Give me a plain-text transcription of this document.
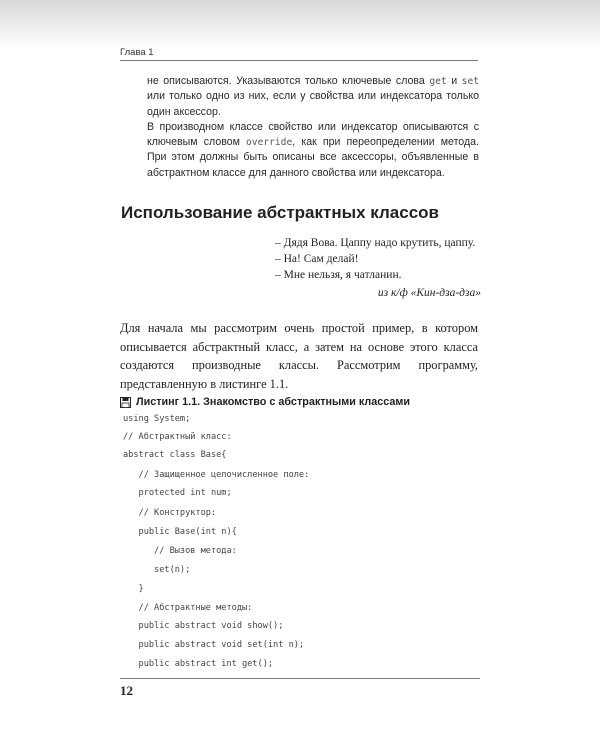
Глава 1

не описываются. Указываются только ключевые слова get и set или только одно из них, если у свойства или индексатора только один аксессор.

В производном классе свойство или индексатор описываются с ключевым словом override, как при переопределении метода. При этом должны быть описаны все аксессоры, объявленные в абстрактном классе для данного свойства или индексатора.

Использование абстрактных классов
– Дядя Вова. Цаппу надо крутить, цаппу.
– На! Сам делай!
– Мне нельзя, я чатланин.
из к/ф «Кин-дза-дза»

Для начала мы рассмотрим очень простой пример, в котором описывается абстрактный класс, а затем на основе этого класса создаются производные классы. Рассмотрим программу, представленную в листинге 1.1.

Листинг 1.1. Знакомство с абстрактными классами
using System;
// Абстрактный класс:
abstract class Base{
// Защищенное целочисленное поле:
protected int num;
// Конструктор:
public Base(int n){
// Вызов метода:
set(n);
}
// Абстрактные методы:
public abstract void show();
public abstract void set(int n);
public abstract int get();
12
